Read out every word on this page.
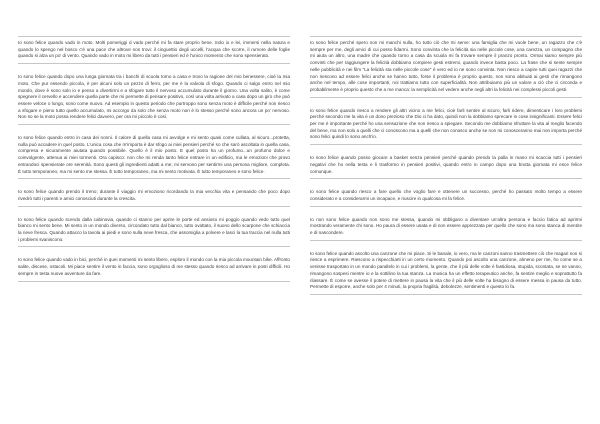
Io sono felice quando vado in moto. Molti pomeriggi d vado perché mi fa stare proprio bene. Solo io e lei, immersi nella natura e quando lo spengo nel bosco c'è una pace che altrove non trovi: il cinguettio degli uccelli, l'acqua che scorre, il rumore delle foglie quando si alza un po' di vento. Quando vado in moto mi libero da tutti i pensieri ed è l'unico momento che sono spensierato.

Io sono felice quando dopo una lunga giornata tra i banchi di scuola torno a casa e trovo la ragione del mio benessere, cioè la mia moto. Che pur essendo piccola, è per alcuni solo un pezzo di ferro, per me è la valvola di sfogo. Quando ci salgo entro nel mio mondo, dove è sono solo io e penso a divertirmi e a sfogare tutto il nervoso accumulato durante il giorno. Una volta salito, è come spegnere il cervello e accendere quella parte che mi permette di pensare positivo, così una volta arrivato a casa dopo un giro che può essere veloce o lungo, sono come nuovo. Ad esempio in questo periodo che purtroppo sono senza moto è difficile perché non riesco a sfogare e pieno tutto quello accumulato, mi accorgo da solo che senza moto non è lo stesso perché sono ancora un po' nervoso. Non so se la moto possa rendere felici davvero, per ora mi piccolo è così.

Io sono felice quando entro in casa dei nonni. Il calore di quella casa mi avvolge e mi sento quasi come cullata, al sicuro...protetta, nulla può accadere in quel posto. L'unica cosa che m'importa è dar sfogo ai miei pensieri perché so che sarò ascoltata in quella casa, compresa e sicuramente aiutata quando possibile. Quello è il mio posto. E quel posto ha un profumo...un profumo dolce e coinvolgente, attenua ai miei tormenti. Ora capisco: non che mi renda tanto felice entrare in un edificio, ma le emozioni che provo entrandoci spensierate ore serenità. Sono questi gli ingredienti adatti a me; mi servono per sentirmi una persona migliore, completa. È tutto temporaneo, ma mi sento me stessa. È tutto temporaneo, ma mi sento motivata. È tutto temporaneo e sono felice.

Io sono felice quando prendo il treno; durante il viaggio mi emoziono ricordando la mia vecchia vita e pensando che poco dopo rivedrò tutti i parenti e amici conosciuti durante la crescita.

Io sono felice quando scendo dalla cabinovia, quando ci stanno per aprire le porte ed ansioso mi poggio quando vedo tutto quel bianco mi sento bene. Mi sento in un mondo diverso, circondato tutto dal bianco, tutto ovattato, il suono dello scarpone che schiaccia la neve fresca. Quando attacco la tavola ai piedi e sono sulla neve fresca, che assomiglia a polvere e lasci la tua traccia nel nulla tutti i problemi svaniscono.

Io sono felice quando vado in bici, perché in quei momenti mi sento libero, esploro il mondo con la mia piccola mountain bike. Affronto salite, discese, ostacoli. Mi piace sentire il vento in faccia, sono orgoglioso di me stesso quando riesco ad arrivare in posti difficili. Ho sempre in testa nuove avventure da fare.

Io sono felice perché spero non mi manchi nulla, ho tutto ciò che mi serve: una famiglia che mi vuole bene, un ragazzo che c'è sempre per me, degli amici di cui posso fidarmi. Sono convinta che la felicità sia nelle piccole cose, una carezza, un compagno che mi aiuta un altro, una madre che quando torno a casa da scuola mi fa trovare sempre il pranzo pronto. Ormai siamo sempre più convinti che per raggiungere la felicità dobbiamo compiere gesti estremi, quando invece basta poco. La frase che si sente sempre nelle pubblicità e nei film "La felicità sta nelle piccole cose" è vero ed io ne sono convinta. Non riesco a capire tutti quei ragazzi che non riescono ad essere felici anche se hanno tutto, forse il problema è proprio questo, non sono abituati ai gesti che rimangono anche nel tempo, alle cose importanti, noi trattiamo tutto con superficialità. Non attribuiamo più un valore a ciò che ci circonda e probabilmente è proprio questo che a me manca: la semplicità nel vedere anche negli altri la felicità nei complessi piccoli gesti.

Io sono felice quando riesco a rendere gli altri vicino a me felici, cioè farli sentire al sicuro, farli ridere, dimenticare i loro problemi perché secondo me la vita è un dono prezioso che Dio ci ha dato, quindi non la dobbiamo sprecare in cose insignificanti. Essere felici per me è importante perché ho una sensazione che non riesco a spiegare. Secondo me dobbiamo sfruttare la vita al meglio facendo del bene, ma non solo a quelli che ci conoscono ma a quelli che non conosco anche se non mi conosceranno mai non importa perché sono felici quindi lo sono anch'io.

Io sono felice quando posso giocare a basket senza pensieri perché quando prendo la palla in mano mi scaccia tutti i pensieri negativi che ho nella testa e li trasformo in pensieri positivi, quando entro in campo dopo una brutta giornata mi esce felice comunque.

Io sono felice quando riesco a fare quello che voglio fare e ottenere un successo, perché ho passato molto tempo a essere considerato e a considerarmi un incapace, e riuscire in qualcosa mi fa felice.

Io non sono felice quando non sono me stessa, quando mi obbligano a diventare un'altra persona e faccio fatica ad aprirmi mostrando veramente chi sono. Ho paura di essere usata e di non essere apprezzata per quello che sono ma sono stanca di mentire e di nascondere.

Io sono felice quando ascolto una canzone che mi piace. Si le banale, io vero, ma le canzoni sanno trasmettere ciò che magari non si riesce a esprimere. Riescono a rispecchiarti in un certo momento. Quando poi ascolto una canzone, almeno per me, ho come se a venisse trasportato in un mondo parallelo in cui i problemi, la gente, che il più delle volte è fastidiosa, stupida, scontata, se ne vanno, rimangono sospesi mentre io e la sottilino la tua stanza. La musica ha un effetto terapeutico anche, fa sentire meglio e soprattutto fa rilassare. È come se avesse il potere di mettere in pausa la vita che il più delle volte ha bisogno di essere messa in pausa da tutto. Permette di esporre, anche solo per 4 minuti, la propria fragilità, debolezze, sentimenti e questo lo fa.
